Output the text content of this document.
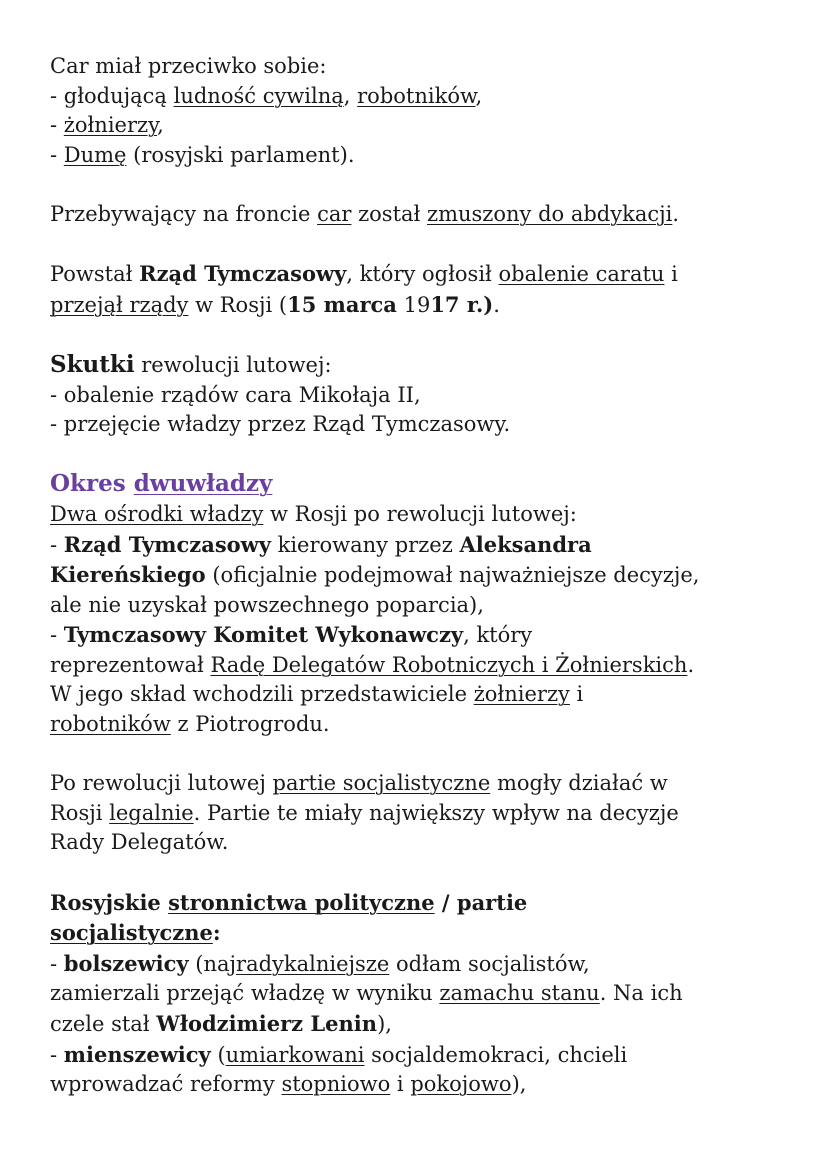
Car miał przeciwko sobie:
- głodującą ludność cywilną, robotników,
- żołnierzy,
- Dumę (rosyjski parlament).
Przebywający na froncie car został zmuszony do abdykacji.
Powstał Rząd Tymczasowy, który ogłosił obalenie caratu i
przejął rządy w Rosji (15 marca 1917 r.).
Skutki rewolucji lutowej:
- obalenie rządów cara Mikołaja II,
- przejęcie władzy przez Rząd Tymczasowy.
Okres dwuwładzy
Dwa ośrodki władzy w Rosji po rewolucji lutowej:
- Rząd Tymczasowy kierowany przez Aleksandra
Kiereńskiego (oficjalnie podejmował najważniejsze decyzje,
ale nie uzyskał powszechnego poparcia),
- Tymczasowy Komitet Wykonawczy, który
reprezentował Radę Delegatów Robotniczych i Żołnierskich.
W jego skład wchodzili przedstawiciele żołnierzy i
robotników z Piotrogrodu.
Po rewolucji lutowej partie socjalistyczne mogły działać w
Rosji legalnie. Partie te miały największy wpływ na decyzje
Rady Delegatów.
Rosyjskie stronnictwa polityczne / partie
socjalistyczne:
- bolszewicy (najradykalniejsze odłam socjalistów,
zamierzali przejąć władzę w wyniku zamachu stanu. Na ich
czele stał Włodzimierz Lenin),
- mienszewicy (umiarkowani socjaldemokraci, chcieli
wprowadzać reformy stopniowo i pokojowo),
